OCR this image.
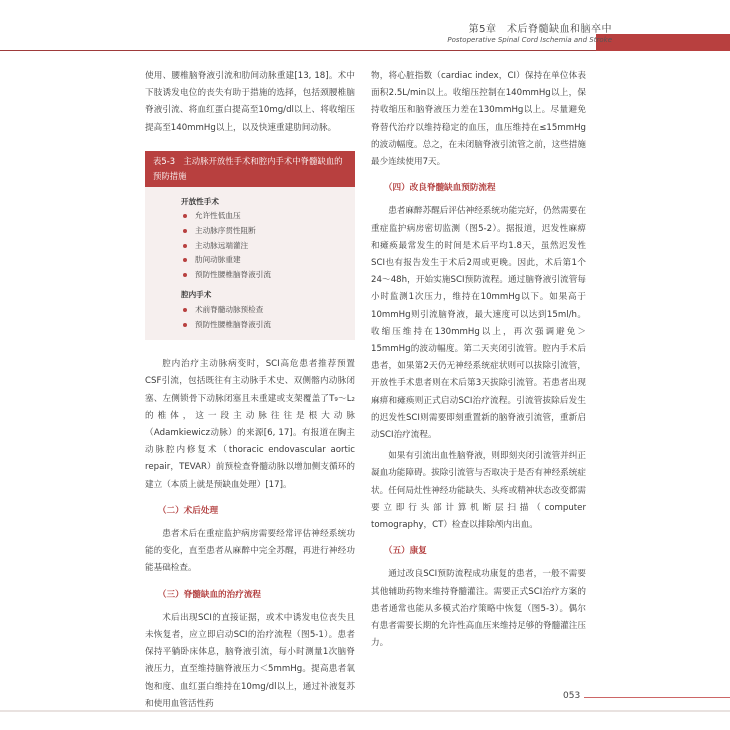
第5章　术后脊髓缺血和脑卒中
Postoperative Spinal Cord Ischemia and Stroke

使用、腰椎脑脊液引流和肋间动脉重建[13, 18]。术中下肢诱发电位的丧失有助于措施的选择，包括颈腰椎脑脊液引流、将血红蛋白提高至10mg/dl以上、将收缩压提高至140mmHg以上，以及快速重建肋间动脉。

表5-3　主动脉开放性手术和腔内手术中脊髓缺血的预防措施
开放性手术
允许性低血压
主动脉序贯性阻断
主动脉远端灌注
肋间动脉重建
预防性腰椎脑脊液引流
腔内手术
术前脊髓动脉预检查
预防性腰椎脑脊液引流

腔内治疗主动脉病变时，SCI高危患者推荐预置CSF引流，包括既往有主动脉手术史、双侧髂内动脉闭塞、左侧锁骨下动脉闭塞且未重建或支架覆盖了T₉～L₂的椎体，这一段主动脉往往是根大动脉（Adamkiewicz动脉）的来源[6, 17]。有报道在胸主动脉腔内修复术（thoracic endovascular aortic repair，TEVAR）前预检查脊髓动脉以增加侧支循环的建立（本质上就是预缺血处理）[17]。

（二）术后处理

患者术后在重症监护病房需要经常评估神经系统功能的变化，直至患者从麻醉中完全苏醒，再进行神经功能基础检查。

（三）脊髓缺血的治疗流程

术后出现SCI的直接证据，或术中诱发电位丧失且未恢复者，应立即启动SCI的治疗流程（图5-1）。患者保持平躺卧床体息，脑脊液引流，每小时测量1次脑脊液压力，直至维持脑脊液压力＜5mmHg。提高患者氧饱和度、血红蛋白维持在10mg/dl以上，通过补液复苏和使用血管活性药

物，将心脏指数（cardiac index，CI）保持在单位体表面积2.5L/min以上。收缩压控制在140mmHg以上，保持收缩压和脑脊液压力差在130mmHg以上。尽量避免脊替代治疗以维持稳定的血压，血压维持在≤15mmHg的波动幅度。总之，在未闭脑脊液引流管之前，这些措施最少连续使用7天。

（四）改良脊髓缺血预防流程

患者麻醉苏醒后评估神经系统功能完好，仍然需要在重症监护病房密切监测（图5-2）。据报道，迟发性麻痹和瘫痪最常发生的时间是术后平均1.8天，虽然迟发性SCI也有报告发生于术后2周或更晚。因此，术后第1个24～48h，开始实施SCI预防流程。通过脑脊液引流管每小时监测1次压力，维持在10mmHg以下。如果高于10mmHg则引流脑脊液，最大速度可以达到15ml/h。收缩压维持在130mmHg以上，再次强调避免＞15mmHg的波动幅度。第二天夹闭引流管。腔内手术后患者，如果第2天仍无神经系统症状则可以拔除引流管，开放性手术患者则在术后第3天拔除引流管。若患者出现麻痹和瘫痪则正式启动SCI治疗流程。引流管拔除后发生的迟发性SCI则需要即刻重置新的脑脊液引流管，重新启动SCI治疗流程。

如果有引流出血性脑脊液，则即刻夹闭引流管并纠正凝血功能障碍。拔除引流管与否取决于是否有神经系统症状。任何局灶性神经功能缺失、头疼或精神状态改变都需要立即行头部计算机断层扫描（computer tomography，CT）检查以排除颅内出血。

（五）康复

通过改良SCI预防流程成功康复的患者，一般不需要其他辅助药物来维持脊髓灌注。需要正式SCI治疗方案的患者通常也能从多模式治疗策略中恢复（图5-3）。偶尔有患者需要长期的允许性高血压来维持足够的脊髓灌注压力。

053
